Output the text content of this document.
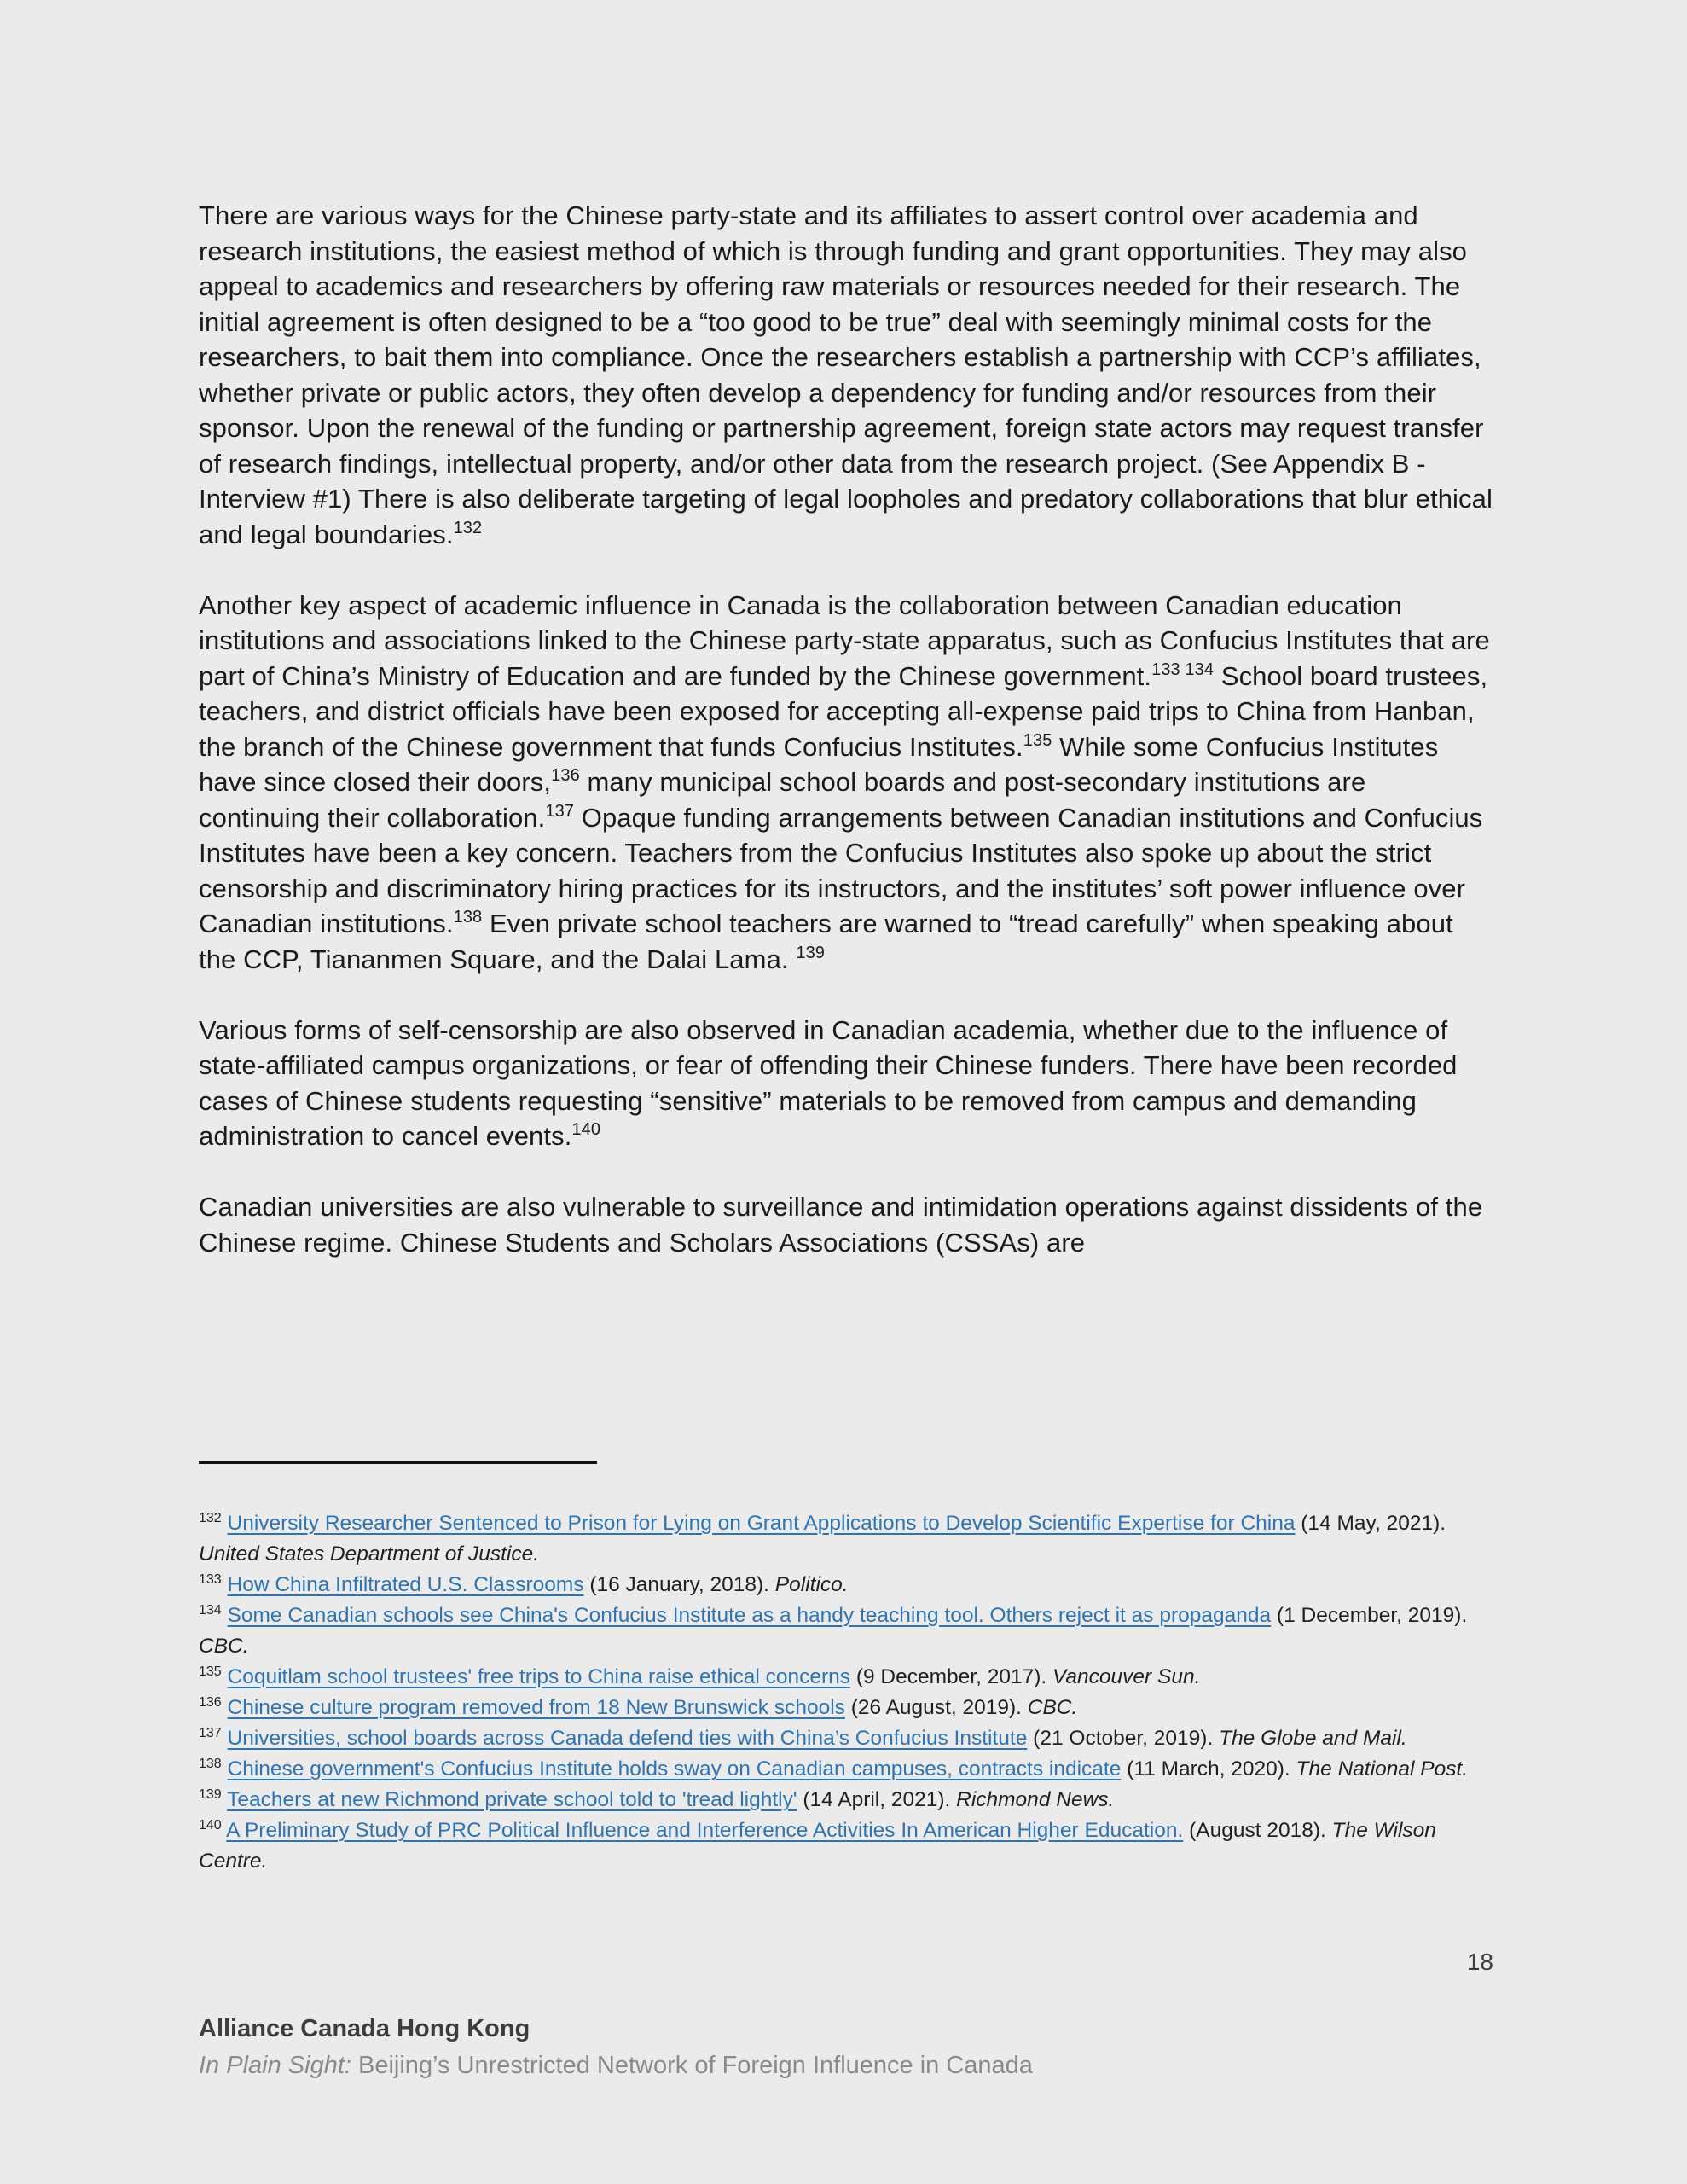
There are various ways for the Chinese party-state and its affiliates to assert control over academia and research institutions, the easiest method of which is through funding and grant opportunities. They may also appeal to academics and researchers by offering raw materials or resources needed for their research. The initial agreement is often designed to be a “too good to be true” deal with seemingly minimal costs for the researchers, to bait them into compliance. Once the researchers establish a partnership with CCP’s affiliates, whether private or public actors, they often develop a dependency for funding and/or resources from their sponsor. Upon the renewal of the funding or partnership agreement, foreign state actors may request transfer of research findings, intellectual property, and/or other data from the research project. (See Appendix B - Interview #1) There is also deliberate targeting of legal loopholes and predatory collaborations that blur ethical and legal boundaries.$^{132}$

Another key aspect of academic influence in Canada is the collaboration between Canadian education institutions and associations linked to the Chinese party-state apparatus, such as Confucius Institutes that are part of China’s Ministry of Education and are funded by the Chinese government.$^{133 134}$ School board trustees, teachers, and district officials have been exposed for accepting all-expense paid trips to China from Hanban, the branch of the Chinese government that funds Confucius Institutes.$^{135}$ While some Confucius Institutes have since closed their doors,$^{136}$ many municipal school boards and post-secondary institutions are continuing their collaboration.$^{137}$ Opaque funding arrangements between Canadian institutions and Confucius Institutes have been a key concern. Teachers from the Confucius Institutes also spoke up about the strict censorship and discriminatory hiring practices for its instructors, and the institutes’ soft power influence over Canadian institutions.$^{138}$ Even private school teachers are warned to “tread carefully” when speaking about the CCP, Tiananmen Square, and the Dalai Lama. $^{139}$

Various forms of self-censorship are also observed in Canadian academia, whether due to the influence of state-affiliated campus organizations, or fear of offending their Chinese funders. There have been recorded cases of Chinese students requesting “sensitive” materials to be removed from campus and demanding administration to cancel events.$^{140}$

Canadian universities are also vulnerable to surveillance and intimidation operations against dissidents of the Chinese regime. Chinese Students and Scholars Associations (CSSAs) are

$^{132}$ University Researcher Sentenced to Prison for Lying on Grant Applications to Develop Scientific Expertise for China (14 May, 2021). United States Department of Justice.
$^{133}$ How China Infiltrated U.S. Classrooms (16 January, 2018). Politico.
$^{134}$ Some Canadian schools see China's Confucius Institute as a handy teaching tool. Others reject it as propaganda (1 December, 2019). CBC.
$^{135}$ Coquitlam school trustees' free trips to China raise ethical concerns (9 December, 2017). Vancouver Sun.
$^{136}$ Chinese culture program removed from 18 New Brunswick schools (26 August, 2019). CBC.
$^{137}$ Universities, school boards across Canada defend ties with China’s Confucius Institute (21 October, 2019). The Globe and Mail.
$^{138}$ Chinese government's Confucius Institute holds sway on Canadian campuses, contracts indicate (11 March, 2020). The National Post.
$^{139}$ Teachers at new Richmond private school told to 'tread lightly' (14 April, 2021). Richmond News.
$^{140}$ A Preliminary Study of PRC Political Influence and Interference Activities In American Higher Education. (August 2018). The Wilson Centre.
18
Alliance Canada Hong Kong
In Plain Sight: Beijing’s Unrestricted Network of Foreign Influence in Canada
